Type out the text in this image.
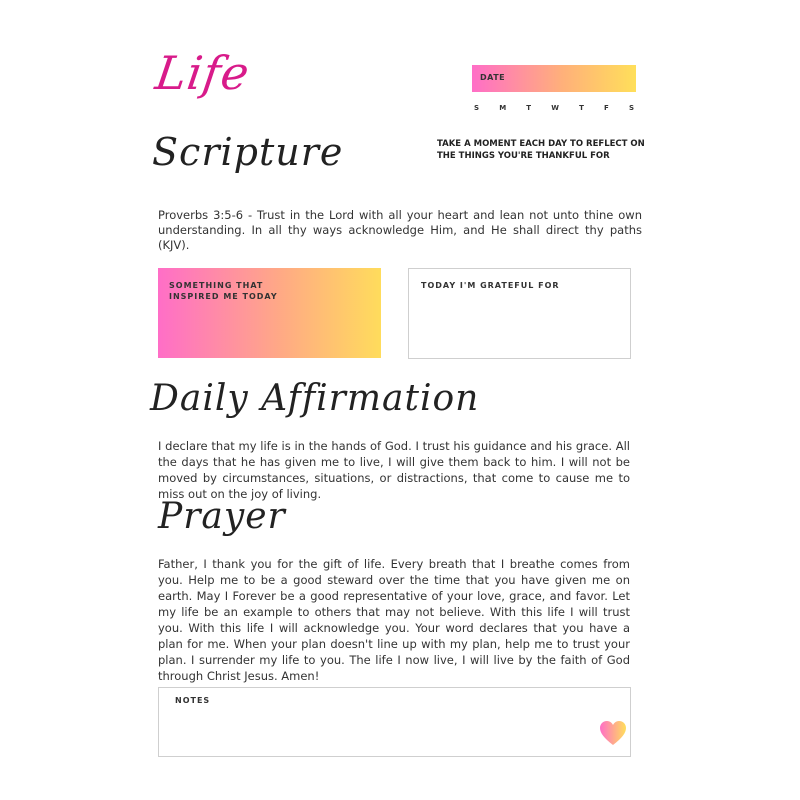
Life	DATE
S	M	T	W	T	F	S
Scripture	TAKE A MOMENT EACH DAY TO REFLECT ON THE THINGS YOU'RE THANKFUL FOR
Proverbs 3:5-6 - Trust in the Lord with all your heart and lean not unto thine own understanding. In all thy ways acknowledge Him, and He shall direct thy paths (KJV).
SOMETHING THAT INSPIRED ME TODAY
TODAY I'M GRATEFUL FOR
Daily Affirmation
I declare that my life is in the hands of God. I trust his guidance and his grace. All the days that he has given me to live, I will give them back to him. I will not be moved by circumstances, situations, or distractions, that come to cause me to miss out on the joy of living.
Prayer
Father, I thank you for the gift of life. Every breath that I breathe comes from you. Help me to be a good steward over the time that you have given me on earth. May I Forever be a good representative of your love, grace, and favor. Let my life be an example to others that may not believe. With this life I will trust you. With this life I will acknowledge you. Your word declares that you have a plan for me. When your plan doesn't line up with my plan, help me to trust your plan. I surrender my life to you. The life I now live, I will live by the faith of God through Christ Jesus. Amen!
NOTES
